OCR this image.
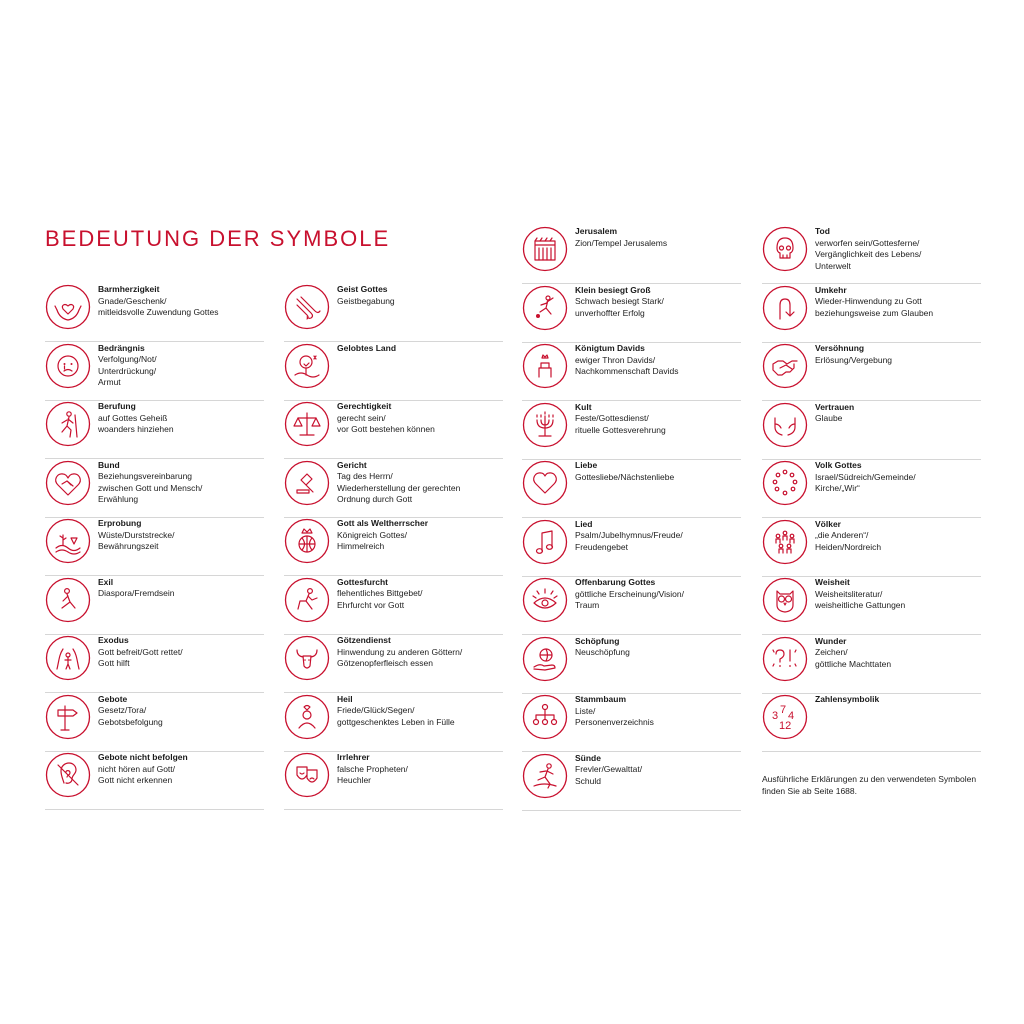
BEDEUTUNG DER SYMBOLE

Barmherzigkeit

Gnade/Geschenk/
mitleidsvolle Zuwendung Gottes

Bedrängnis

Verfolgung/Not/
Unterdrückung/
Armut

Berufung

auf Gottes Geheiß
woanders hinziehen

Bund

Beziehungsvereinbarung
zwischen Gott und Mensch/
Erwählung

Erprobung

Wüste/Durststrecke/
Bewährungszeit

Exil

Diaspora/Fremdsein

Exodus

Gott befreit/Gott rettet/
Gott hilft

Gebote

Gesetz/Tora/
Gebotsbefolgung

Gebote nicht befolgen

nicht hören auf Gott/
Gott nicht erkennen

Geist Gottes

Geistbegabung

Gelobtes Land

Gerechtigkeit

gerecht sein/
vor Gott bestehen können

Gericht

Tag des Herrn/
Wiederherstellung der gerechten
Ordnung durch Gott

Gott als Weltherrscher

Königreich Gottes/
Himmelreich

Gottesfurcht

flehentliches Bittgebet/
Ehrfurcht vor Gott

Götzendienst

Hinwendung zu anderen Göttern/
Götzenopferfleisch essen

Heil

Friede/Glück/Segen/
gottgeschenktes Leben in Fülle

Irrlehrer

falsche Propheten/
Heuchler

Jerusalem

Zion/Tempel Jerusalems

Klein besiegt Groß

Schwach besiegt Stark/
unverhoffter Erfolg

Königtum Davids

ewiger Thron Davids/
Nachkommenschaft Davids

Kult

Feste/Gottesdienst/
rituelle Gottesverehrung

Liebe

Gottesliebe/Nächstenliebe

Lied

Psalm/Jubelhymnus/Freude/
Freudengebet

Offenbarung Gottes

göttliche Erscheinung/Vision/
Traum

Schöpfung

Neuschöpfung

Stammbaum

Liste/
Personenverzeichnis

Sünde

Frevler/Gewalttat/
Schuld

Tod

verworfen sein/Gottesferne/
Vergänglichkeit des Lebens/
Unterwelt

Umkehr

Wieder-Hinwendung zu Gott
beziehungsweise zum Glauben

Versöhnung

Erlösung/Vergebung

Vertrauen

Glaube

Volk Gottes

Israel/Südreich/Gemeinde/
Kirche/„Wir“

Völker

„die Anderen“/
Heiden/Nordreich

Weisheit

Weisheitsliteratur/
weisheitliche Gattungen

Wunder

Zeichen/
göttliche Machttaten

3 7 4
12

Zahlensymbolik

Ausführliche Erklärungen zu den verwendeten Symbolen finden Sie ab Seite 1688.
